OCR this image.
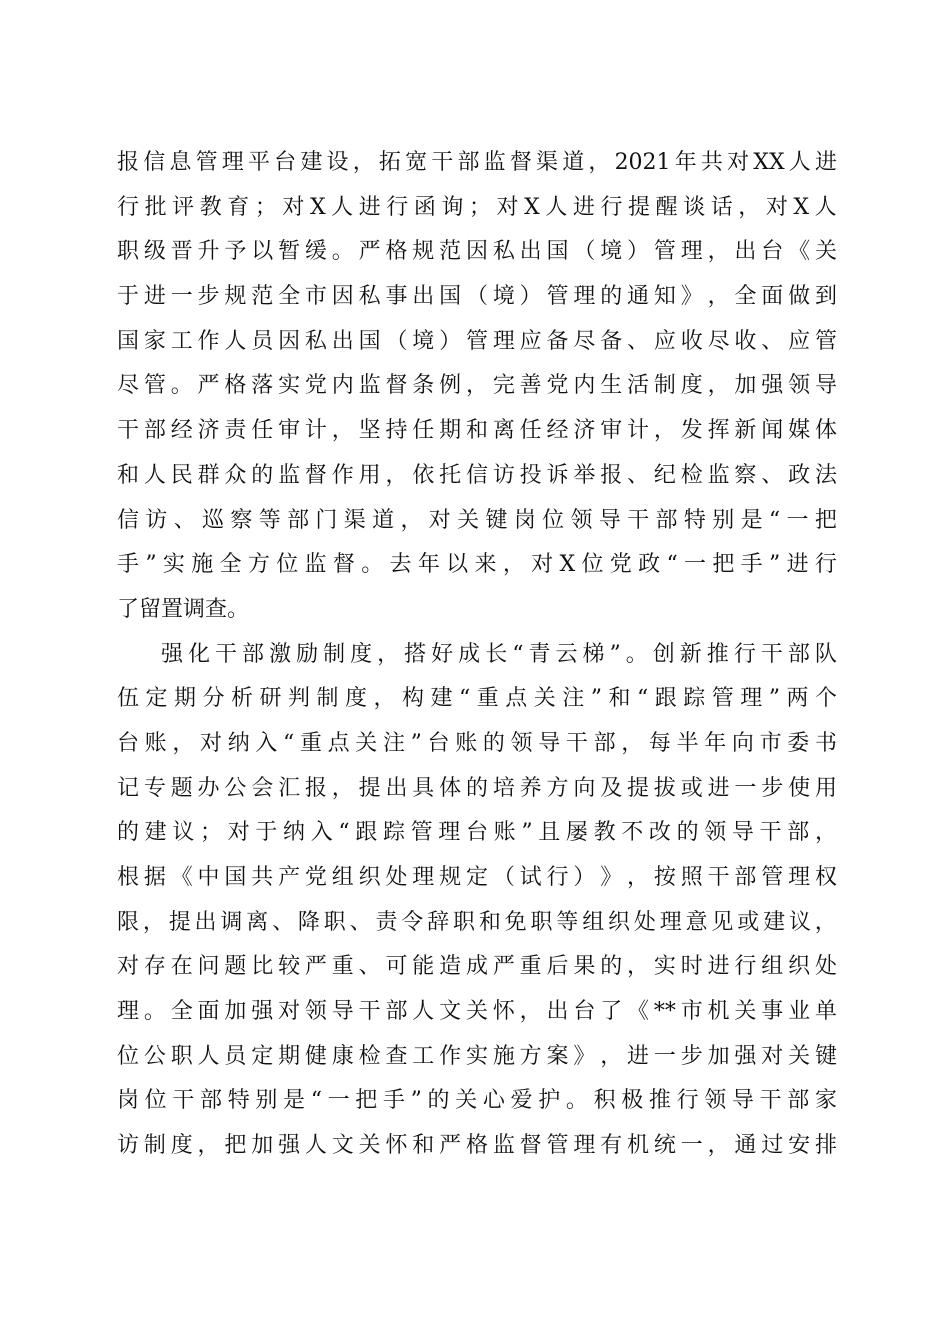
报 信 息 管 理 平 台 建 设 ， 拓 宽 干 部 监 督 渠 道 ， 2021 年 共 对 XX 人 进
行 批 评 教 育 ； 对 X 人 进 行 函 询 ； 对 X 人 进 行 提 醒 谈 话 ， 对 X 人
职 级 晋 升 予 以 暂 缓 。 严 格 规 范 因 私 出 国 （ 境 ） 管 理 ， 出 台 《 关
于 进 一 步 规 范 全 市 因 私 事 出 国 （ 境 ） 管 理 的 通 知 》 ， 全 面 做 到
国 家 工 作 人 员 因 私 出 国 （ 境 ） 管 理 应 备 尽 备 、 应 收 尽 收 、 应 管
尽 管 。 严 格 落 实 党 内 监 督 条 例 ， 完 善 党 内 生 活 制 度 ， 加 强 领 导
干 部 经 济 责 任 审 计 ， 坚 持 任 期 和 离 任 经 济 审 计 ， 发 挥 新 闻 媒 体
和 人 民 群 众 的 监 督 作 用 ， 依 托 信 访 投 诉 举 报 、 纪 检 监 察 、 政 法
信 访 、 巡 察 等 部 门 渠 道 ， 对 关 键 岗 位 领 导 干 部 特 别 是 “ 一 把
手 ” 实 施 全 方 位 监 督 。 去 年 以 来 ， 对 X 位 党 政 “ 一 把 手 ” 进 行
了留置调查。
强 化 干 部 激 励 制 度 ， 搭 好 成 长 “ 青 云 梯 ” 。 创 新 推 行 干 部 队
伍 定 期 分 析 研 判 制 度 ， 构 建 “ 重 点 关 注 ” 和 “ 跟 踪 管 理 ” 两 个
台 账 ， 对 纳 入 “ 重 点 关 注 ” 台 账 的 领 导 干 部 ， 每 半 年 向 市 委 书
记 专 题 办 公 会 汇 报 ， 提 出 具 体 的 培 养 方 向 及 提 拔 或 进 一 步 使 用
的 建 议 ； 对 于 纳 入 “ 跟 踪 管 理 台 账 ” 且 屡 教 不 改 的 领 导 干 部 ，
根 据 《 中 国 共 产 党 组 织 处 理 规 定 （ 试 行 ） 》 ， 按 照 干 部 管 理 权
限 ， 提 出 调 离 、 降 职 、 责 令 辞 职 和 免 职 等 组 织 处 理 意 见 或 建 议 ，
对 存 在 问 题 比 较 严 重 、 可 能 造 成 严 重 后 果 的 ， 实 时 进 行 组 织 处
理 。 全 面 加 强 对 领 导 干 部 人 文 关 怀 ， 出 台 了 《 ** 市 机 关 事 业 单
位 公 职 人 员 定 期 健 康 检 查 工 作 实 施 方 案 》 ， 进 一 步 加 强 对 关 键
岗 位 干 部 特 别 是 “ 一 把 手 ” 的 关 心 爱 护 。 积 极 推 行 领 导 干 部 家
访 制 度 ， 把 加 强 人 文 关 怀 和 严 格 监 督 管 理 有 机 统 一 ， 通 过 安 排
